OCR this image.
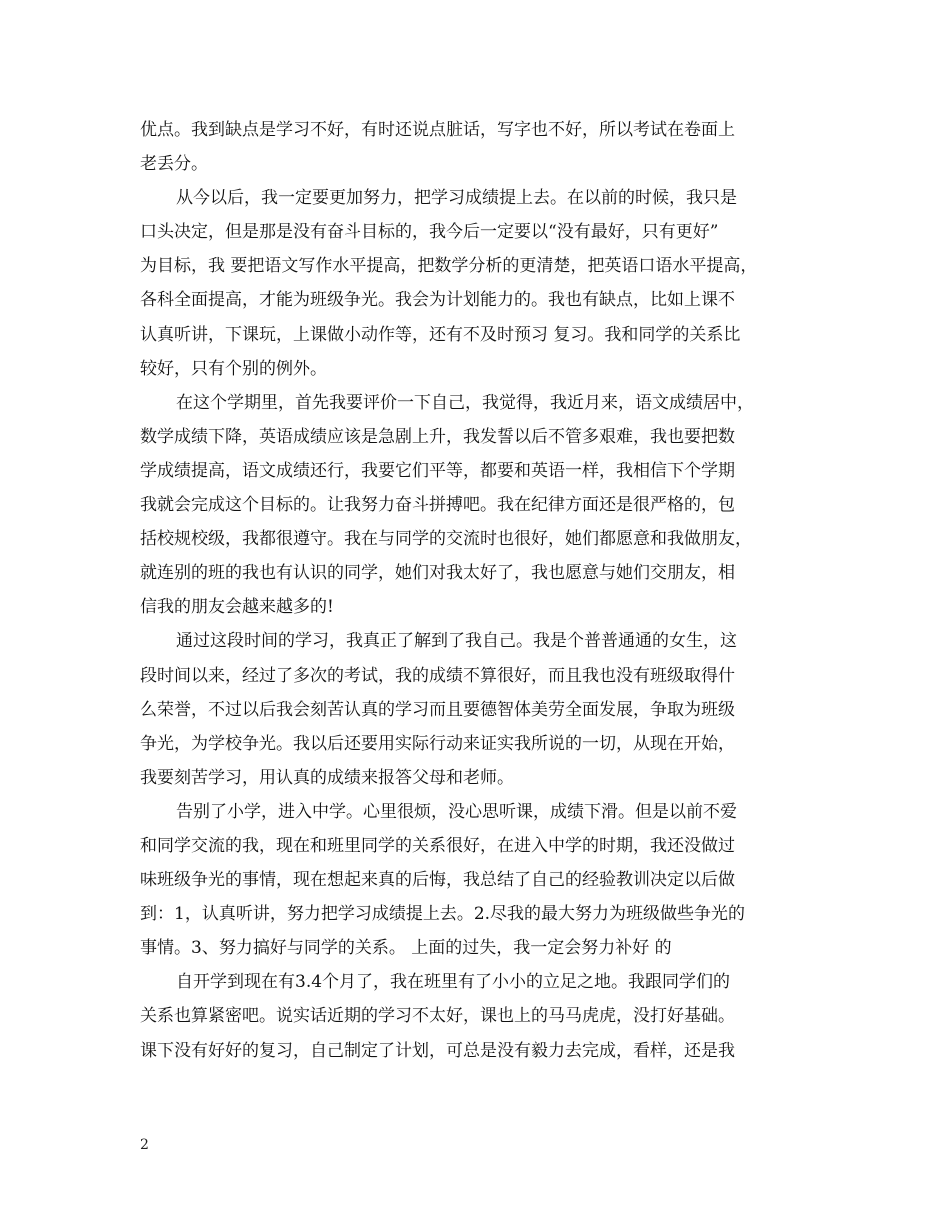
优点。我到缺点是学习不好，有时还说点脏话，写字也不好，所以考试在卷面上
老丢分。
从今以后，我一定要更加努力，把学习成绩提上去。在以前的时候，我只是
口头决定，但是那是没有奋斗目标的，我今后一定要以“没有最好，只有更好”
为目标，我 要把语文写作水平提高，把数学分析的更清楚，把英语口语水平提高，
各科全面提高，才能为班级争光。我会为计划能力的。我也有缺点，比如上课不
认真听讲，下课玩，上课做小动作等，还有不及时预习 复习。我和同学的关系比
较好，只有个别的例外。
在这个学期里，首先我要评价一下自己，我觉得，我近月来，语文成绩居中，
数学成绩下降，英语成绩应该是急剧上升，我发誓以后不管多艰难，我也要把数
学成绩提高，语文成绩还行，我要它们平等，都要和英语一样，我相信下个学期
我就会完成这个目标的。让我努力奋斗拼搏吧。我在纪律方面还是很严格的，包
括校规校级，我都很遵守。我在与同学的交流时也很好，她们都愿意和我做朋友，
就连别的班的我也有认识的同学，她们对我太好了，我也愿意与她们交朋友，相
信我的朋友会越来越多的!
通过这段时间的学习，我真正了解到了我自己。我是个普普通通的女生，这
段时间以来，经过了多次的考试，我的成绩不算很好，而且我也没有班级取得什
么荣誉，不过以后我会刻苦认真的学习而且要德智体美劳全面发展，争取为班级
争光，为学校争光。我以后还要用实际行动来证实我所说的一切，从现在开始，
我要刻苦学习，用认真的成绩来报答父母和老师。
告别了小学，进入中学。心里很烦，没心思听课，成绩下滑。但是以前不爱
和同学交流的我，现在和班里同学的关系很好，在进入中学的时期，我还没做过
味班级争光的事情，现在想起来真的后悔，我总结了自己的经验教训决定以后做
到：1，认真听讲，努力把学习成绩提上去。2.尽我的最大努力为班级做些争光的
事情。3、努力搞好与同学的关系。 上面的过失，我一定会努力补好 的
自开学到现在有3.4个月了，我在班里有了小小的立足之地。我跟同学们的
关系也算紧密吧。说实话近期的学习不太好，课也上的马马虎虎，没打好基础。
课下没有好好的复习，自己制定了计划，可总是没有毅力去完成，看样，还是我
2
